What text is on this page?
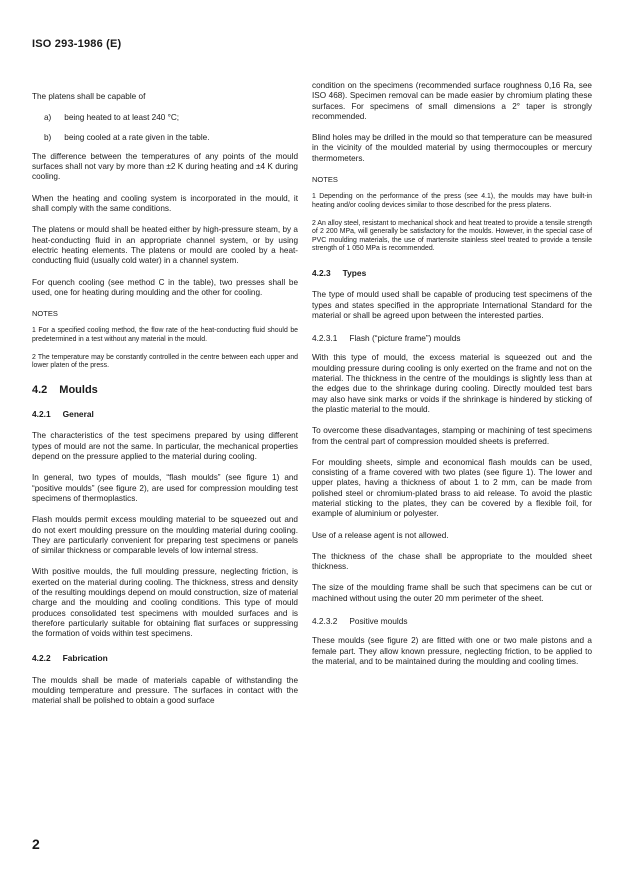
ISO 293-1986 (E)

The platens shall be capable of

a) being heated to at least 240 °C;
b) being cooled at a rate given in the table.

The difference between the temperatures of any points of the mould surfaces shall not vary by more than ±2 K during heating and ±4 K during cooling.

When the heating and cooling system is incorporated in the mould, it shall comply with the same conditions.

The platens or mould shall be heated either by high-pressure steam, by a heat-conducting fluid in an appropriate channel system, or by using electric heating elements. The platens or mould are cooled by a heat-conducting fluid (usually cold water) in a channel system.

For quench cooling (see method C in the table), two presses shall be used, one for heating during moulding and the other for cooling.

NOTES
1 For a specified cooling method, the flow rate of the heat-conducting fluid should be predetermined in a test without any material in the mould.
2 The temperature may be constantly controlled in the centre between each upper and lower platen of the press.
4.2 Moulds
4.2.1 General

The characteristics of the test specimens prepared by using different types of mould are not the same. In particular, the mechanical properties depend on the pressure applied to the material during cooling.

In general, two types of moulds, “flash moulds” (see figure 1) and “positive moulds” (see figure 2), are used for compression moulding test specimens of thermoplastics.

Flash moulds permit excess moulding material to be squeezed out and do not exert moulding pressure on the moulding material during cooling. They are particularly convenient for preparing test specimens or panels of similar thickness or comparable levels of low internal stress.

With positive moulds, the full moulding pressure, neglecting friction, is exerted on the material during cooling. The thickness, stress and density of the resulting mouldings depend on mould construction, size of material charge and the moulding and cooling conditions. This type of mould produces consolidated test specimens with moulded surfaces and is therefore particularly suitable for obtaining flat surfaces or suppressing the formation of voids within test specimens.

4.2.2 Fabrication

The moulds shall be made of materials capable of withstanding the moulding temperature and pressure. The surfaces in contact with the material shall be polished to obtain a good surface

condition on the specimens (recommended surface roughness 0,16 Ra, see ISO 468). Specimen removal can be made easier by chromium plating these surfaces. For specimens of small dimensions a 2° taper is strongly recommended.

Blind holes may be drilled in the mould so that temperature can be measured in the vicinity of the moulded material by using thermocouples or mercury thermometers.

NOTES
1 Depending on the performance of the press (see 4.1), the moulds may have built-in heating and/or cooling devices similar to those described for the press platens.
2 An alloy steel, resistant to mechanical shock and heat treated to provide a tensile strength of 2 200 MPa, will generally be satisfactory for the moulds. However, in the special case of PVC moulding materials, the use of martensite stainless steel treated to provide a tensile strength of 1 050 MPa is recommended.
4.2.3 Types

The type of mould used shall be capable of producing test specimens of the types and states specified in the appropriate International Standard for the material or shall be agreed upon between the interested parties.

4.2.3.1 Flash (“picture frame”) moulds

With this type of mould, the excess material is squeezed out and the moulding pressure during cooling is only exerted on the frame and not on the material. The thickness in the centre of the mouldings is slightly less than at the edges due to the shrinkage during cooling. Directly moulded test bars may also have sink marks or voids if the shrinkage is hindered by sticking of the plastic material to the mould.

To overcome these disadvantages, stamping or machining of test specimens from the central part of compression moulded sheets is preferred.

For moulding sheets, simple and economical flash moulds can be used, consisting of a frame covered with two plates (see figure 1). The lower and upper plates, having a thickness of about 1 to 2 mm, can be made from polished steel or chromium-plated brass to aid release. To avoid the plastic material sticking to the plates, they can be covered by a flexible foil, for example of aluminium or polyester.

Use of a release agent is not allowed.

The thickness of the chase shall be appropriate to the moulded sheet thickness.

The size of the moulding frame shall be such that specimens can be cut or machined without using the outer 20 mm perimeter of the sheet.

4.2.3.2 Positive moulds

These moulds (see figure 2) are fitted with one or two male pistons and a female part. They allow known pressure, neglecting friction, to be applied to the material, and to be maintained during the moulding and cooling times.

2
